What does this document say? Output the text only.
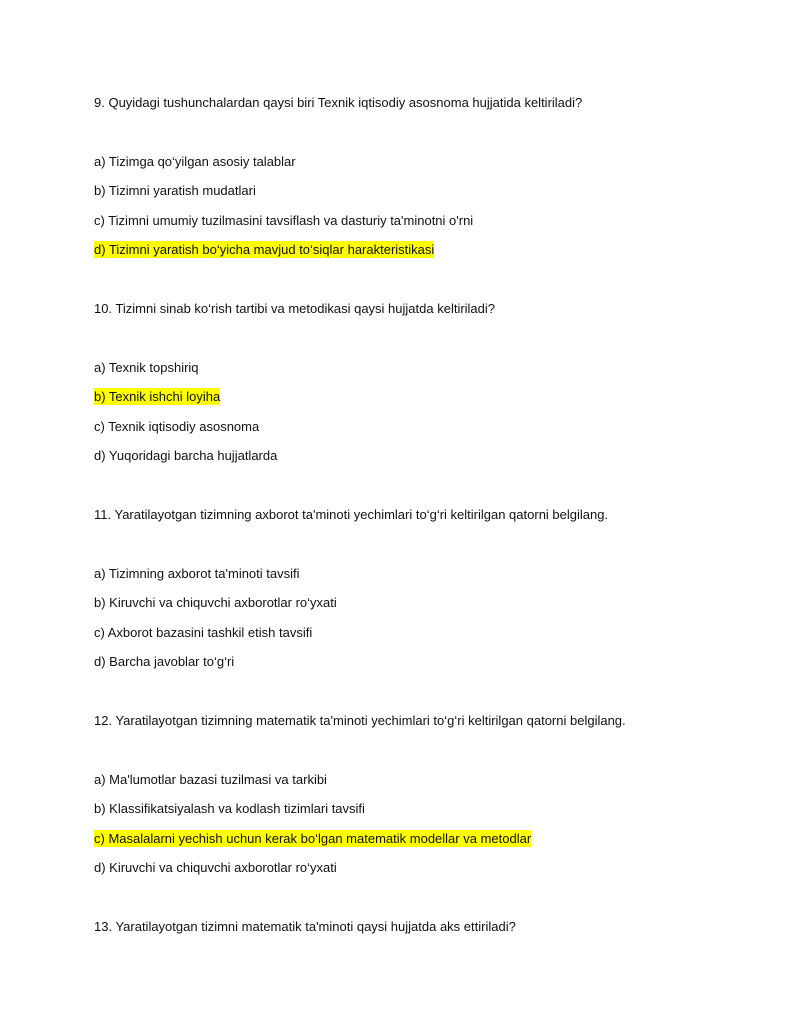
9. Quyidagi tushunchalardan qaysi biri Texnik iqtisodiy asosnoma hujjatida keltiriladi?
a) Tizimga qo‘yilgan asosiy talablar
b) Tizimni yaratish mudatlari
c) Tizimni umumiy tuzilmasini tavsiflash va dasturiy ta'minotni o'rni
d) Tizimni yaratish bo‘yicha mavjud to‘siqlar harakteristikasi
10. Tizimni sinab ko‘rish tartibi va metodikasi qaysi hujjatda keltiriladi?
a) Texnik topshiriq
b) Texnik ishchi loyiha
c) Texnik iqtisodiy asosnoma
d) Yuqoridagi barcha hujjatlarda
11. Yaratilayotgan tizimning axborot ta'minoti yechimlari to‘g‘ri keltirilgan qatorni belgilang.
a) Tizimning axborot ta'minoti tavsifi
b) Kiruvchi va chiquvchi axborotlar ro‘yxati
c) Axborot bazasini tashkil etish tavsifi
d) Barcha javoblar to‘g‘ri
12. Yaratilayotgan tizimning matematik ta'minoti yechimlari to‘g‘ri keltirilgan qatorni belgilang.
a) Ma'lumotlar bazasi tuzilmasi va tarkibi
b) Klassifikatsiyalash va kodlash tizimlari tavsifi
c) Masalalarni yechish uchun kerak bo‘lgan matematik modellar va metodlar
d) Kiruvchi va chiquvchi axborotlar ro‘yxati
13. Yaratilayotgan tizimni matematik ta'minoti qaysi hujjatda aks ettiriladi?
